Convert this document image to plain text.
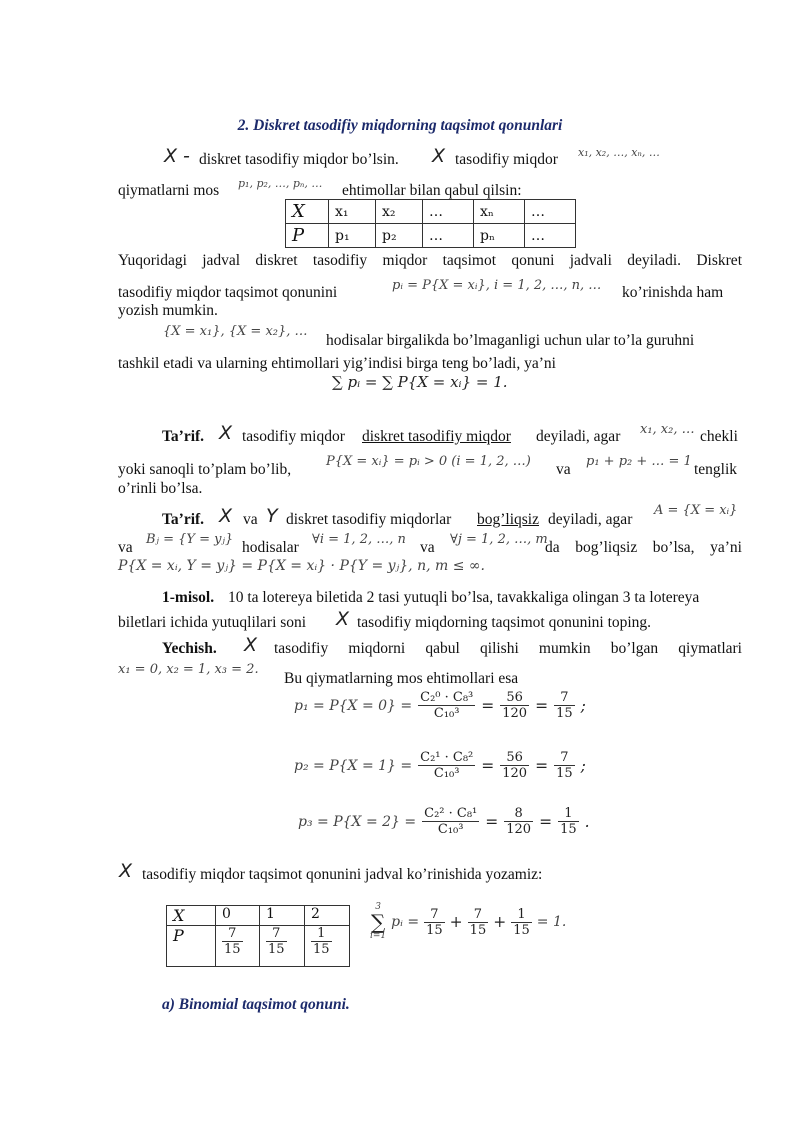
2. Diskret tasodifiy miqdorning taqsimot qonunlari
X - diskret tasodifiy miqdor bo’lsin. X tasodifiy miqdor x₁, x₂, …, xₙ, …
qiymatlarni mos p₁, p₂, …, pₙ, … ehtimollar bilan qabul qilsin:
X	x₁	x₂	…	xₙ	…
P	p₁	p₂	…	pₙ	…
Yuqoridagi jadval diskret tasodifiy miqdor taqsimot qonuni jadvali deyiladi. Diskret
tasodifiy miqdor taqsimot qonunini	pᵢ = P{X = xᵢ}, i = 1, 2, …, n, … ko’rinishda ham
yozish mumkin.
{X = x₁}, {X = x₂}, …
hodisalar birgalikda bo’lmaganligi uchun ular to’la guruhni
tashkil etadi va ularning ehtimollari yig’indisi birga teng bo’ladi, ya’ni
∑ pᵢ = ∑ P{X = xᵢ} = 1.
Ta’rif. X tasodifiy miqdor diskret tasodifiy miqdor deyiladi, agar x₁, x₂, … chekli
yoki sanoqli to’plam bo’lib,	P{X = xᵢ} = pᵢ > 0 (i = 1, 2, …) va p₁ + p₂ + … = 1 tenglik
o’rinli bo’lsa.
Ta’rif. X va Y diskret tasodifiy miqdorlar bog’liqsiz deyiladi, agar
A = {X = xᵢ}
va Bⱼ = {Y = yⱼ} hodisalar ∀i = 1, 2, …, n va ∀j = 1, 2, …, m
da bog’liqsiz bo’lsa, ya’ni
P{X = xᵢ, Y = yⱼ} = P{X = xᵢ} · P{Y = yⱼ}, n, m ≤ ∞.
1-misol. 10 ta lotereya biletida 2 tasi yutuqli bo’lsa, tavakkaliga olingan 3 ta lotereya
biletlari ichida yutuqlilari soni X tasodifiy miqdorning taqsimot qonunini toping.
Yechish. X tasodifiy miqdorni qabul qilishi mumkin bo’lgan qiymatlari
x₁ = 0, x₂ = 1, x₃ = 2.
Bu qiymatlarning mos ehtimollari esa
$p_1 = P\{X = 0\} = \frac{\text{C₂⁰ · C₈³}}{\text{C₁₀³}} = \frac{56}{120} = \frac{7}{15}$ ;
$p_2 = P\{X = 1\} = \frac{\text{C₂¹ · C₈²}}{\text{C₁₀³}} = \frac{56}{120} = \frac{7}{15}$ ;
$p_3 = P\{X = 2\} = \frac{\text{C₂² · C₈¹}}{\text{C₁₀³}} = \frac{8}{120} = \frac{1}{15}$ .
X tasodifiy miqdor taqsimot qonunini jadval ko’rinishida yozamiz:
X	0	1	2
P	$\frac{7}{15}$	$\frac{7}{15}$	$\frac{1}{15}$
3
∑
i=1
pᵢ = $\frac{7}{15} + \frac{7}{15} + \frac{1}{15} = 1$.
a) Binomial taqsimot qonuni.
